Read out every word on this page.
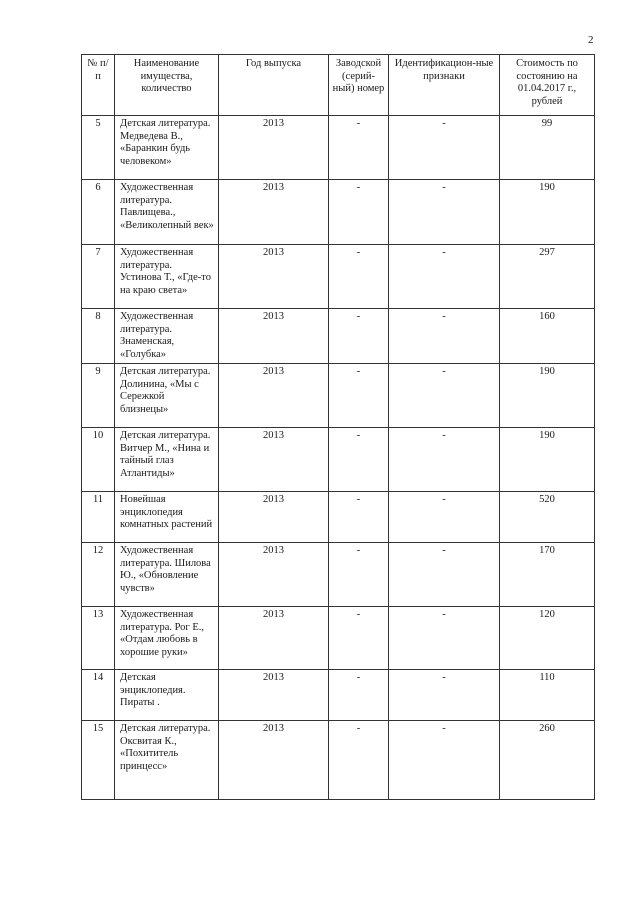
2
№ п/п	Наименование имущества, количество	Год выпуска	Заводской (серий-ный) номер	Идентификацион-ные признаки	Стоимость по состоянию на 01.04.2017 г., рублей
5	Детская литература. Медведева В., «Баранкин будь человеком»	2013	-	-	99
6	Художественная литература. Павлищева., «Великолепный век»	2013	-	-	190
7	Художественная литература. Устинова Т., «Где-то на краю света»	2013	-	-	297
8	Художественная литература. Знаменская, «Голубка»	2013	-	-	160
9	Детская литература. Долинина, «Мы с Сережкой близнецы»	2013	-	-	190
10	Детская литература. Витчер М., «Нина и тайный глаз Атлантиды»	2013	-	-	190
11	Новейшая энциклопедия комнатных растений	2013	-	-	520
12	Художественная литература. Шилова Ю., «Обновление чувств»	2013	-	-	170
13	Художественная литература. Рог Е., «Отдам любовь в хорошие руки»	2013	-	-	120
14	Детская энциклопедия. Пираты .	2013	-	-	110
15	Детская литература. Оксвитая К., «Похититель принцесс»	2013	-	-	260
